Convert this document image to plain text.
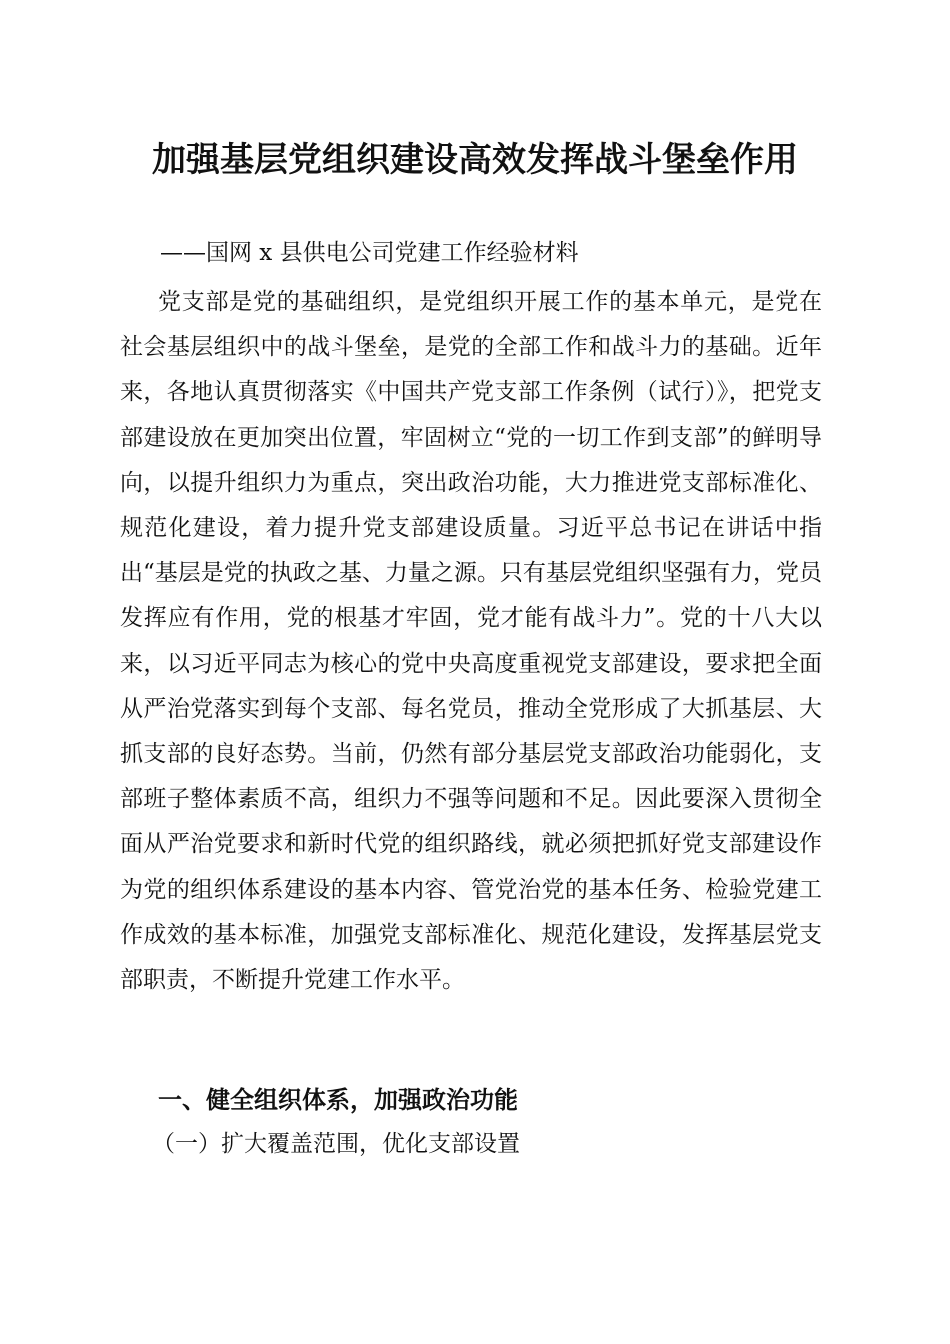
加强基层党组织建设高效发挥战斗堡垒作用
——国网 x 县供电公司党建工作经验材料

党支部是党的基础组织，是党组织开展工作的基本单元，是党在社会基层组织中的战斗堡垒，是党的全部工作和战斗力的基础。近年来，各地认真贯彻落实《中国共产党支部工作条例（试行）》，把党支部建设放在更加突出位置，牢固树立“党的一切工作到支部”的鲜明导向，以提升组织力为重点，突出政治功能，大力推进党支部标准化、规范化建设，着力提升党支部建设质量。习近平总书记在讲话中指出“基层是党的执政之基、力量之源。只有基层党组织坚强有力，党员发挥应有作用，党的根基才牢固，党才能有战斗力”。党的十八大以来，以习近平同志为核心的党中央高度重视党支部建设，要求把全面从严治党落实到每个支部、每名党员，推动全党形成了大抓基层、大抓支部的良好态势。当前，仍然有部分基层党支部政治功能弱化，支部班子整体素质不高，组织力不强等问题和不足。因此要深入贯彻全面从严治党要求和新时代党的组织路线，就必须把抓好党支部建设作为党的组织体系建设的基本内容、管党治党的基本任务、检验党建工作成效的基本标准，加强党支部标准化、规范化建设，发挥基层党支部职责，不断提升党建工作水平。

一、健全组织体系，加强政治功能
（一）扩大覆盖范围，优化支部设置
